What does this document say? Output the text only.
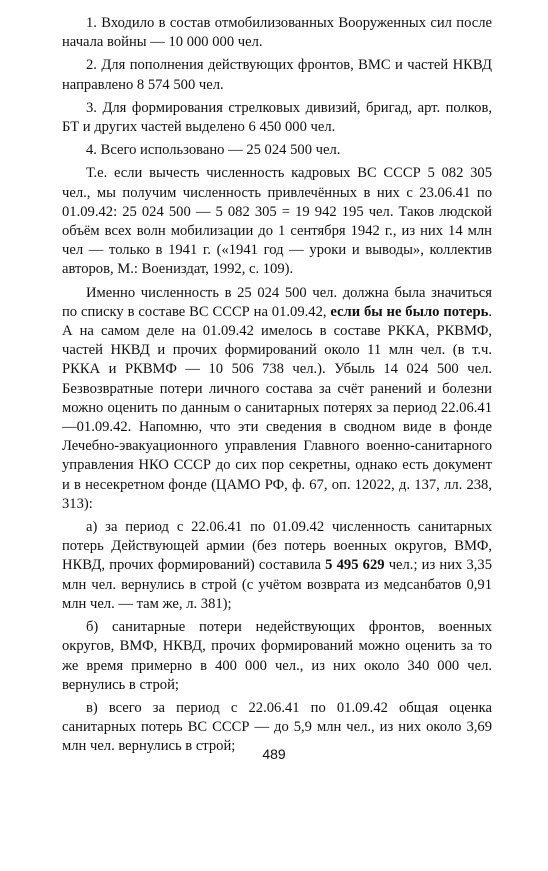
1. Входило в состав отмобилизованных Вооруженных сил после начала войны — 10 000 000 чел.

2. Для пополнения действующих фронтов, ВМС и частей НКВД направлено 8 574 500 чел.

3. Для формирования стрелковых дивизий, бригад, арт. полков, БТ и других частей выделено 6 450 000 чел.

4. Всего использовано — 25 024 500 чел.

Т.е. если вычесть численность кадровых ВС СССР 5 082 305 чел., мы получим численность привлечённых в них с 23.06.41 по 01.09.42: 25 024 500 — 5 082 305 = 19 942 195 чел. Таков людской объём всех волн мобилизации до 1 сентября 1942 г., из них 14 млн чел — только в 1941 г. («1941 год — уроки и выводы», коллектив авторов, М.: Воениздат, 1992, с. 109).

Именно численность в 25 024 500 чел. должна была значиться по списку в составе ВС СССР на 01.09.42, если бы не было потерь. А на самом деле на 01.09.42 имелось в составе РККА, РКВМФ, частей НКВД и прочих формирований около 11 млн чел. (в т.ч. РККА и РКВМФ — 10 506 738 чел.). Убыль 14 024 500 чел. Безвозвратные потери личного состава за счёт ранений и болезни можно оценить по данным о санитарных потерях за период 22.06.41—01.09.42. Напомню, что эти сведения в сводном виде в фонде Лечебно-эвакуационного управления Главного военно-санитарного управления НКО СССР до сих пор секретны, однако есть документ и в несекретном фонде (ЦАМО РФ, ф. 67, оп. 12022, д. 137, лл. 238, 313):

а) за период с 22.06.41 по 01.09.42 численность санитарных потерь Действующей армии (без потерь военных округов, ВМФ, НКВД, прочих формирований) составила 5 495 629 чел.; из них 3,35 млн чел. вернулись в строй (с учётом возврата из медсанбатов 0,91 млн чел. — там же, л. 381);

б) санитарные потери недействующих фронтов, военных округов, ВМФ, НКВД, прочих формирований можно оценить за то же время примерно в 400 000 чел., из них около 340 000 чел. вернулись в строй;

в) всего за период с 22.06.41 по 01.09.42 общая оценка санитарных потерь ВС СССР — до 5,9 млн чел., из них около 3,69 млн чел. вернулись в строй;	489
